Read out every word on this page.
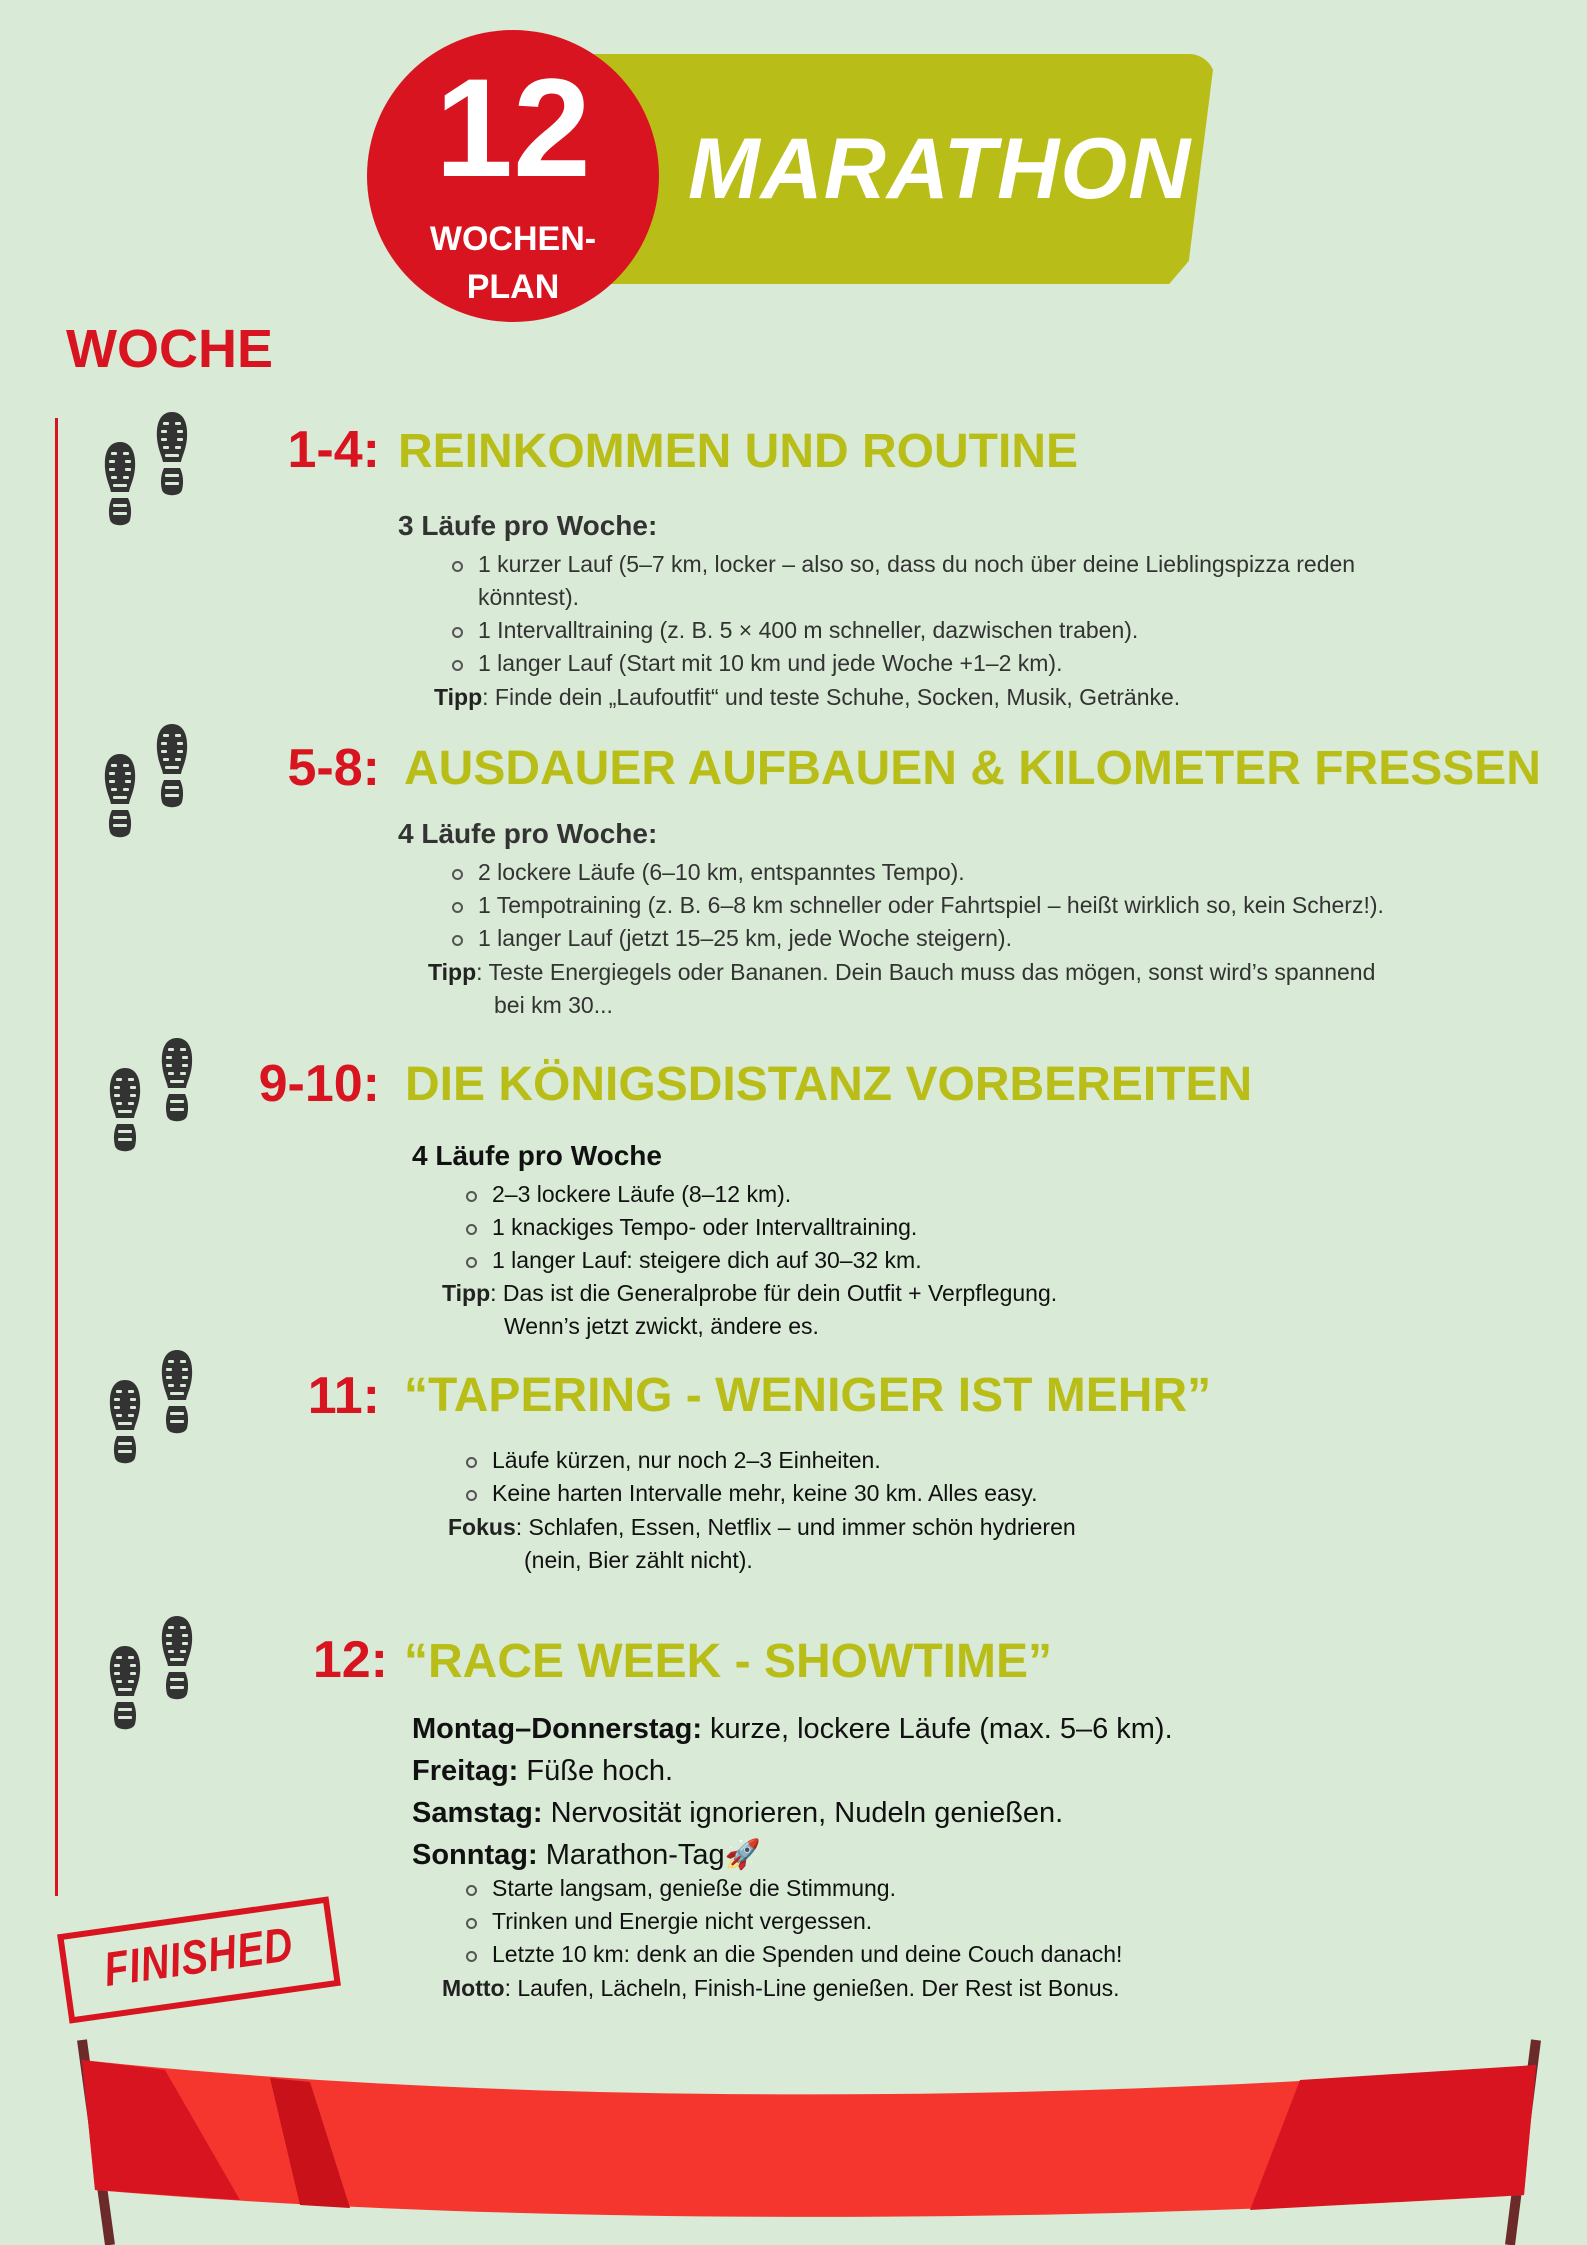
MARATHON
12
WOCHEN-
PLAN
WOCHE
1-4: REINKOMMEN UND ROUTINE
3 Läufe pro Woche:
1 kurzer Lauf (5–7 km, locker – also so, dass du noch über deine Lieblingspizza reden könntest).
1 Intervalltraining (z. B. 5 × 400 m schneller, dazwischen traben).
1 langer Lauf (Start mit 10 km und jede Woche +1–2 km).
Tipp: Finde dein „Laufoutfit“ und teste Schuhe, Socken, Musik, Getränke.
5-8: AUSDAUER AUFBAUEN & KILOMETER FRESSEN
4 Läufe pro Woche:
2 lockere Läufe (6–10 km, entspanntes Tempo).
1 Tempotraining (z. B. 6–8 km schneller oder Fahrtspiel – heißt wirklich so, kein Scherz!).
1 langer Lauf (jetzt 15–25 km, jede Woche steigern).
Tipp: Teste Energiegels oder Bananen. Dein Bauch muss das mögen, sonst wird’s spannend
bei km 30...
9-10: DIE KÖNIGSDISTANZ VORBEREITEN
4 Läufe pro Woche
2–3 lockere Läufe (8–12 km).
1 knackiges Tempo- oder Intervalltraining.
1 langer Lauf: steigere dich auf 30–32 km.
Tipp: Das ist die Generalprobe für dein Outfit + Verpflegung.
Wenn’s jetzt zwickt, ändere es.
11: “TAPERING - WENIGER IST MEHR”
Läufe kürzen, nur noch 2–3 Einheiten.
Keine harten Intervalle mehr, keine 30 km. Alles easy.
Fokus: Schlafen, Essen, Netflix – und immer schön hydrieren
(nein, Bier zählt nicht).
12: “RACE WEEK - SHOWTIME”
Montag–Donnerstag: kurze, lockere Läufe (max. 5–6 km).
Freitag: Füße hoch.
Samstag: Nervosität ignorieren, Nudeln genießen.
Sonntag: Marathon-Tag🚀
Starte langsam, genieße die Stimmung.
Trinken und Energie nicht vergessen.
Letzte 10 km: denk an die Spenden und deine Couch danach!
Motto: Laufen, Lächeln, Finish-Line genießen. Der Rest ist Bonus.
FINISHED
